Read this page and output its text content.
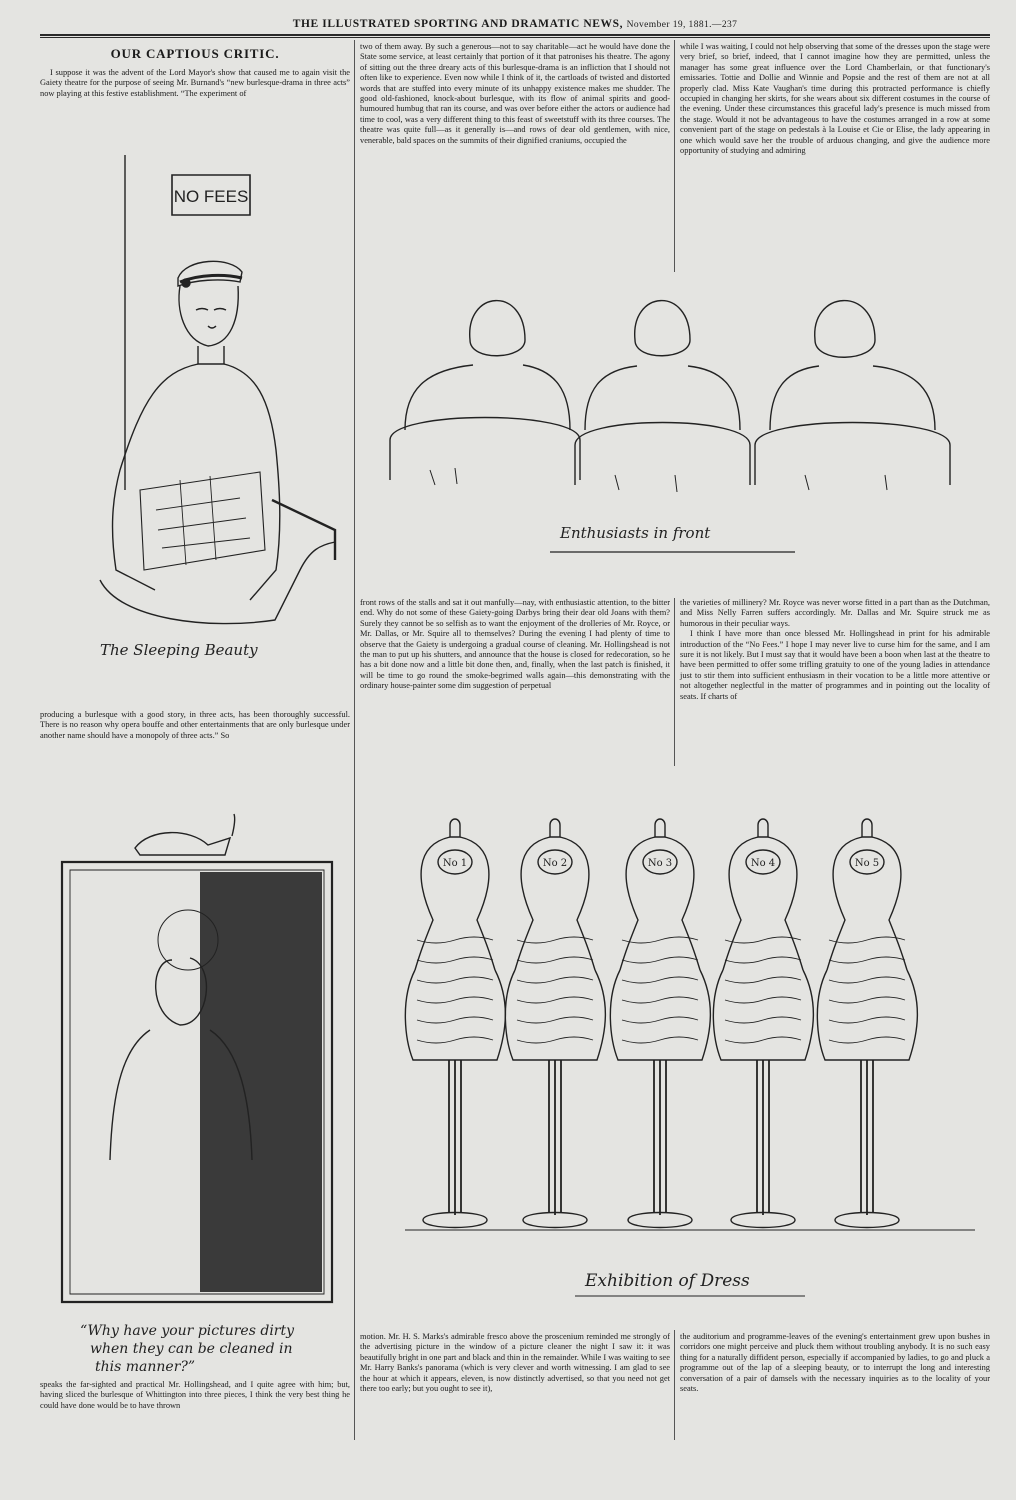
THE ILLUSTRATED SPORTING AND DRAMATIC NEWS, November 19, 1881.—237
OUR CAPTIOUS CRITIC.

I suppose it was the advent of the Lord Mayor's show that caused me to again visit the Gaiety theatre for the purpose of seeing Mr. Burnand's “new burlesque-drama in three acts” now playing at this festive establishment. “The experiment of

producing a burlesque with a good story, in three acts, has been thoroughly successful. There is no reason why opera bouffe and other entertainments that are only burlesque under another name should have a monopoly of three acts.” So

speaks the far-sighted and practical Mr. Hollingshead, and I quite agree with him; but, having sliced the burlesque of Whittington into three pieces, I think the very best thing he could have done would be to have thrown

two of them away. By such a generous—not to say charitable—act he would have done the State some service, at least certainly that portion of it that patronises his theatre. The agony of sitting out the three dreary acts of this burlesque-drama is an infliction that I should not often like to experience. Even now while I think of it, the cartloads of twisted and distorted words that are stuffed into every minute of its unhappy existence makes me shudder. The good old-fashioned, knock-about burlesque, with its flow of animal spirits and good-humoured humbug that ran its course, and was over before either the actors or audience had time to cool, was a very different thing to this feast of sweetstuff with its three courses. The theatre was quite full—as it generally is—and rows of dear old gentlemen, with nice, venerable, bald spaces on the summits of their dignified craniums, occupied the

front rows of the stalls and sat it out manfully—nay, with enthusiastic attention, to the bitter end. Why do not some of these Gaiety-going Darbys bring their dear old Joans with them? Surely they cannot be so selfish as to want the enjoyment of the drolleries of Mr. Royce, or Mr. Dallas, or Mr. Squire all to themselves? During the evening I had plenty of time to observe that the Gaiety is undergoing a gradual course of cleaning. Mr. Hollingshead is not the man to put up his shutters, and announce that the house is closed for redecoration, so he has a bit done now and a little bit done then, and, finally, when the last patch is finished, it will be time to go round the smoke-begrimed walls again—this demonstrating with the ordinary house-painter some dim suggestion of perpetual

motion. Mr. H. S. Marks's admirable fresco above the proscenium reminded me strongly of the advertising picture in the window of a picture cleaner the night I saw it: it was beautifully bright in one part and black and thin in the remainder. While I was waiting to see Mr. Harry Banks's panorama (which is very clever and worth witnessing. I am glad to see the hour at which it appears, eleven, is now distinctly advertised, so that you need not get there too early; but you ought to see it),

while I was waiting, I could not help observing that some of the dresses upon the stage were very brief, so brief, indeed, that I cannot imagine how they are permitted, unless the manager has some great influence over the Lord Chamberlain, or that functionary's emissaries. Tottie and Dollie and Winnie and Popsie and the rest of them are not at all properly clad. Miss Kate Vaughan's time during this protracted performance is chiefly occupied in changing her skirts, for she wears about six different costumes in the course of the evening. Under these circumstances this graceful lady's presence is much missed from the stage. Would it not be advantageous to have the costumes arranged in a row at some convenient part of the stage on pedestals à la Louise et Cie or Elise, the lady appearing in one which would save her the trouble of arduous changing, and give the audience more opportunity of studying and admiring

the varieties of millinery? Mr. Royce was never worse fitted in a part than as the Dutchman, and Miss Nelly Farren suffers accordingly. Mr. Dallas and Mr. Squire struck me as humorous in their peculiar ways.

I think I have more than once blessed Mr. Hollingshead in print for his admirable introduction of the “No Fees.” I hope I may never live to curse him for the same, and I am sure it is not likely. But I must say that it would have been a boon when last at the theatre to have been permitted to offer some trifling gratuity to one of the young ladies in attendance just to stir them into sufficient enthusiasm in their vocation to be a little more attentive or not altogether neglectful in the matter of programmes and in pointing out the locality of seats. If charts of

the auditorium and programme-leaves of the evening's entertainment grew upon bushes in corridors one might perceive and pluck them without troubling anybody. It is no such easy thing for a naturally diffident person, especially if accompanied by ladies, to go and pluck a programme out of the lap of a sleeping beauty, or to interrupt the long and interesting conversation of a pair of damsels with the necessary inquiries as to the locality of your seats.

NO FEES
The Sleeping Beauty
Enthusiasts in front
“Why have your pictures dirty
when they can be cleaned in
this manner?”
Exhibition of Dress
No 1	No 2	No 3	No 4	No 5
